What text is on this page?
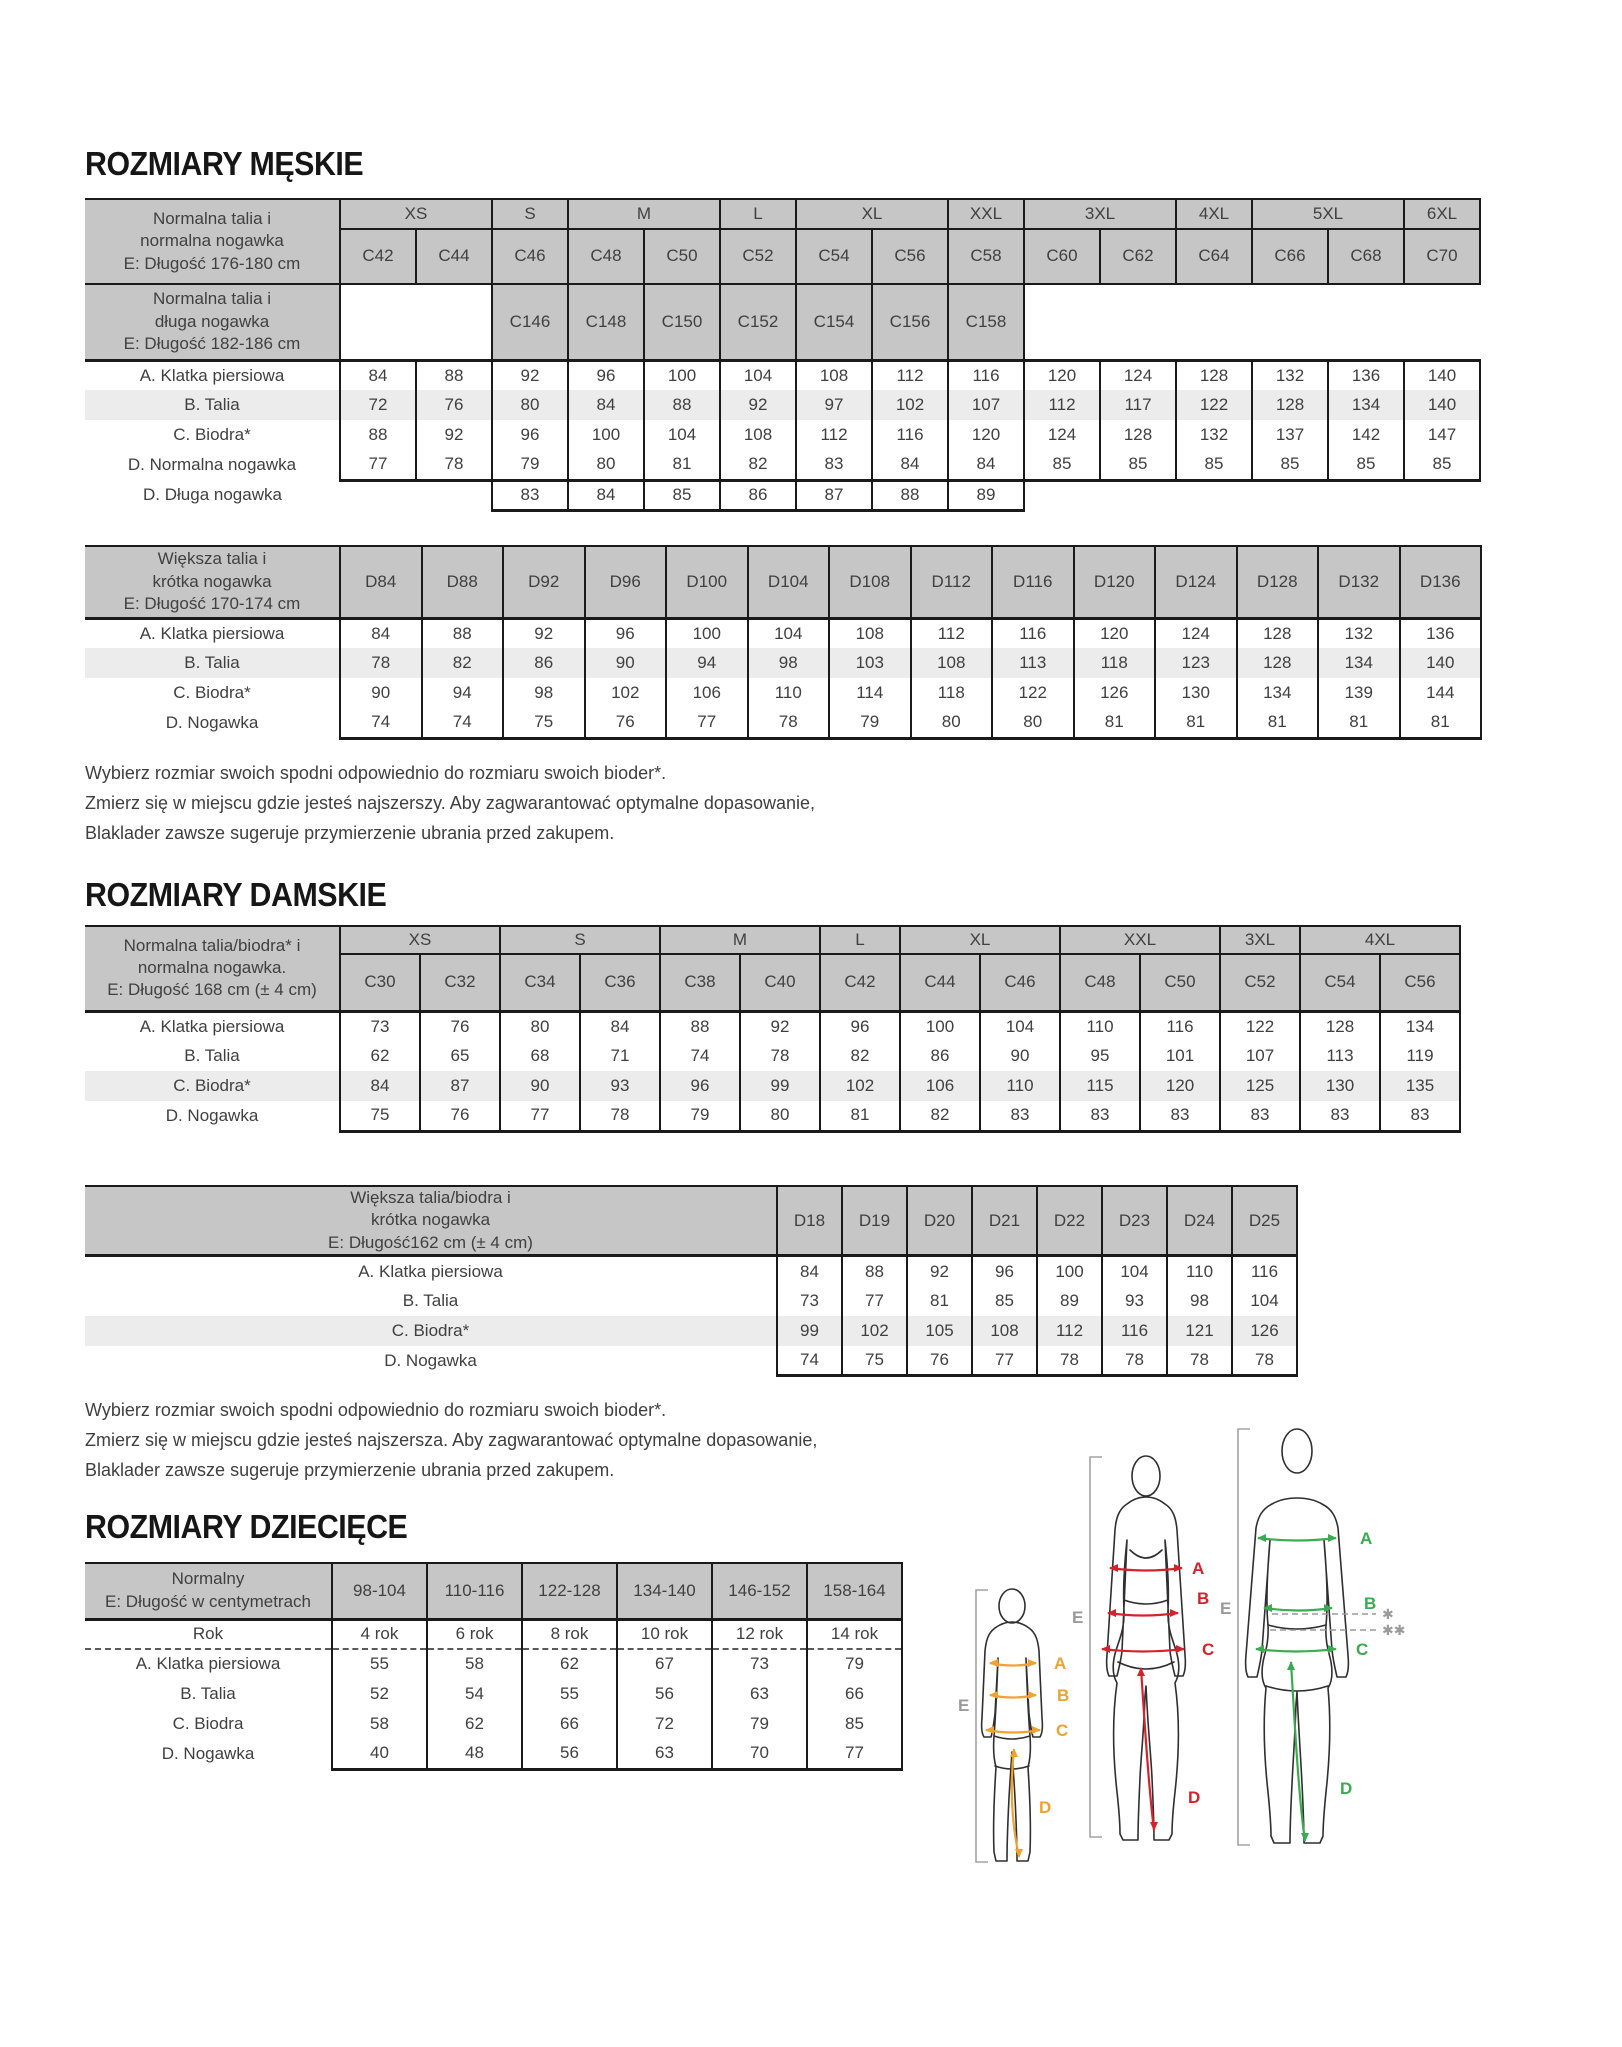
ROZMIARY MĘSKIE
Normalna talia i
normalna nogawka
E: Długość 176-180 cm	XS		S	M		L	XL		XXL	3XL		4XL	5XL		6XL
	C42	C44	C46	C48	C50	C52	C54	C56	C58	C60	C62	C64	C66	C68	C70

Normalna talia i
długa nogawka
E: Długość 182-186 cm			C146	C148	C150	C152	C154	C156	C158						
A. Klatka piersiowa	84	88	92	96	100	104	108	112	116	120	124	128	132	136	140
B. Talia	72	76	80	84	88	92	97	102	107	112	117	122	128	134	140
C. Biodra*	88	92	96	100	104	108	112	116	120	124	128	132	137	142	147
D. Normalna nogawka	77	78	79	80	81	82	83	84	84	85	85	85	85	85	85
D. Długa nogawka			83	84	85	86	87	88	89						
Większa talia i
krótka nogawka
E: Długość 170-174 cm	D84	D88	D92	D96	D100	D104	D108	D112	D116	D120	D124	D128	D132	D136
A. Klatka piersiowa	84	88	92	96	100	104	108	112	116	120	124	128	132	136
B. Talia	78	82	86	90	94	98	103	108	113	118	123	128	134	140
C. Biodra*	90	94	98	102	106	110	114	118	122	126	130	134	139	144
D. Nogawka	74	74	75	76	77	78	79	80	80	81	81	81	81	81
Wybierz rozmiar swoich spodni odpowiednio do rozmiaru swoich bioder*.
Zmierz się w miejscu gdzie jesteś najszerszy. Aby zagwarantować optymalne dopasowanie,
Blaklader zawsze sugeruje przymierzenie ubrania przed zakupem.
ROZMIARY DAMSKIE
Normalna talia/biodra* i
normalna nogawka.
E: Długość 168 cm (± 4 cm)	XS		S		M		L	XL		XXL		3XL	4XL	
	C30	C32	C34	C36	C38	C40	C42	C44	C46	C48	C50	C52	C54	C56
A. Klatka piersiowa	73	76	80	84	88	92	96	100	104	110	116	122	128	134
B. Talia	62	65	68	71	74	78	82	86	90	95	101	107	113	119
C. Biodra*	84	87	90	93	96	99	102	106	110	115	120	125	130	135
D. Nogawka	75	76	77	78	79	80	81	82	83	83	83	83	83	83
Większa talia/biodra i
krótka nogawka
E: Długość162 cm (± 4 cm)	D18	D19	D20	D21	D22	D23	D24	D25
A. Klatka piersiowa	84	88	92	96	100	104	110	116
B. Talia	73	77	81	85	89	93	98	104
C. Biodra*	99	102	105	108	112	116	121	126
D. Nogawka	74	75	76	77	78	78	78	78
Wybierz rozmiar swoich spodni odpowiednio do rozmiaru swoich bioder*.
Zmierz się w miejscu gdzie jesteś najszersza. Aby zagwarantować optymalne dopasowanie,
Blaklader zawsze sugeruje przymierzenie ubrania przed zakupem.
ROZMIARY DZIECIĘCE
Normalny
E: Długość w centymetrach	98-104	110-116	122-128	134-140	146-152	158-164
Rok	4 rok	6 rok	8 rok	10 rok	12 rok	14 rok
A. Klatka piersiowa	55	58	62	67	73	79
B. Talia	52	54	55	56	63	66
C. Biodra	58	62	66	72	79	85
D. Nogawka	40	48	56	63	70	77
A
B
C
D
E
A
B
C
D
E
A
B
C
D
E	✱
✱✱
